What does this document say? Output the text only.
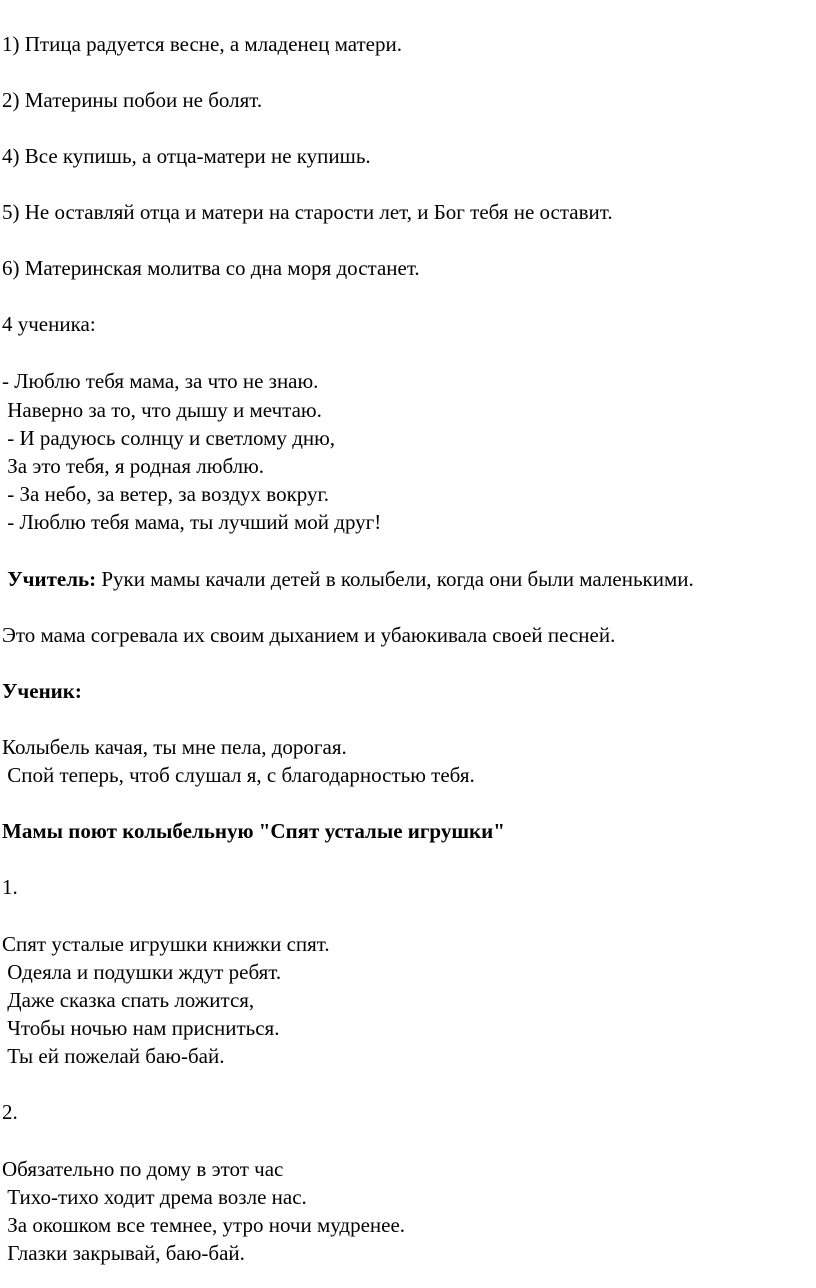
1) Птица радуется весне, а младенец матери.

2) Материны побои не болят.

4) Все купишь, а отца-матери не купишь.

5) Не оставляй отца и матери на старости лет, и Бог тебя не оставит.

6) Материнская молитва со дна моря достанет.

4 ученика:

- Люблю тебя мама, за что не знаю.

Наверно за то, что дышу и мечтаю.

- И радуюсь солнцу и светлому дню,

За это тебя, я родная люблю.

- За небо, за ветер, за воздух вокруг.

- Люблю тебя мама, ты лучший мой друг!

Учитель: Руки мамы качали детей в колыбели, когда они были маленькими.

Это мама согревала их своим дыханием и убаюкивала своей песней.

Ученик:

Колыбель качая, ты мне пела, дорогая.

Спой теперь, чтоб слушал я, с благодарностью тебя.

Мамы поют колыбельную "Спят усталые игрушки"

1.

Спят усталые игрушки книжки спят.

Одеяла и подушки ждут ребят.

Даже сказка спать ложится,

Чтобы ночью нам присниться.

Ты ей пожелай баю-бай.

2.

Обязательно по дому в этот час

Тихо-тихо ходит дрема возле нас.

За окошком все темнее, утро ночи мудренее.

Глазки закрывай, баю-бай.
